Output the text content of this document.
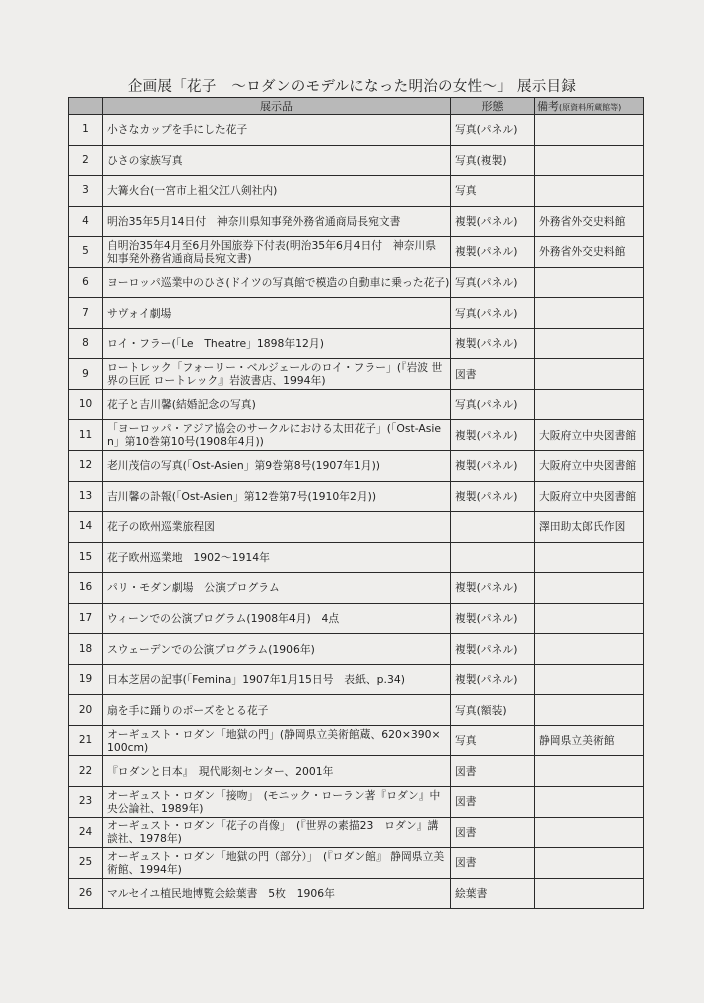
企画展「花子　～ロダンのモデルになった明治の女性～」 展示目録
	展示品	形態	備考(原資料所蔵館等)
1	小さなカップを手にした花子	写真(パネル)	
2	ひさの家族写真	写真(複製)	
3	大篝火台(一宮市上祖父江八剣社内)	写真	
4	明治35年5月14日付　神奈川県知事発外務省通商局長宛文書	複製(パネル)	外務省外交史料館
5	自明治35年4月至6月外国旅券下付表(明治35年6月4日付　神奈川県知事発外務省通商局長宛文書)	複製(パネル)	外務省外交史料館
6	ヨーロッパ巡業中のひさ(ドイツの写真館で模造の自動車に乗った花子)	写真(パネル)	
7	サヴォイ劇場	写真(パネル)	
8	ロイ・フラー(「Le　Theatre」1898年12月)	複製(パネル)	
9	ロートレック「フォーリー・ベルジェールのロイ・フラー」(『岩波 世界の巨匠 ロートレック』岩波書店、1994年)	図書	
10	花子と吉川馨(結婚記念の写真)	写真(パネル)	
11	「ヨーロッパ・アジア協会のサークルにおける太田花子」(「Ost-Asien」第10巻第10号(1908年4月))	複製(パネル)	大阪府立中央図書館
12	老川茂信の写真(「Ost-Asien」第9巻第8号(1907年1月))	複製(パネル)	大阪府立中央図書館
13	吉川馨の訃報(「Ost-Asien」第12巻第7号(1910年2月))	複製(パネル)	大阪府立中央図書館
14	花子の欧州巡業旅程図		澤田助太郎氏作図
15	花子欧州巡業地　1902～1914年		
16	パリ・モダン劇場　公演プログラム	複製(パネル)	
17	ウィーンでの公演プログラム(1908年4月)　4点	複製(パネル)	
18	スウェーデンでの公演プログラム(1906年)	複製(パネル)	
19	日本芝居の記事(「Femina」1907年1月15日号　表紙、p.34)	複製(パネル)	
20	扇を手に踊りのポーズをとる花子	写真(額装)	
21	オーギュスト・ロダン「地獄の門」(静岡県立美術館蔵、620×390×100cm)	写真	静岡県立美術館
22	『ロダンと日本』　現代彫刻センター、2001年	図書	
23	オーギュスト・ロダン「接吻」　(モニック・ローラン著『ロダン』中央公論社、1989年)	図書	
24	オーギュスト・ロダン「花子の肖像」　(『世界の素描23　ロダン』講談社、1978年)	図書	
25	オーギュスト・ロダン「地獄の門（部分）」　(『ロダン館』 静岡県立美術館、1994年)	図書	
26	マルセイユ植民地博覧会絵葉書　5枚　1906年	絵葉書	
